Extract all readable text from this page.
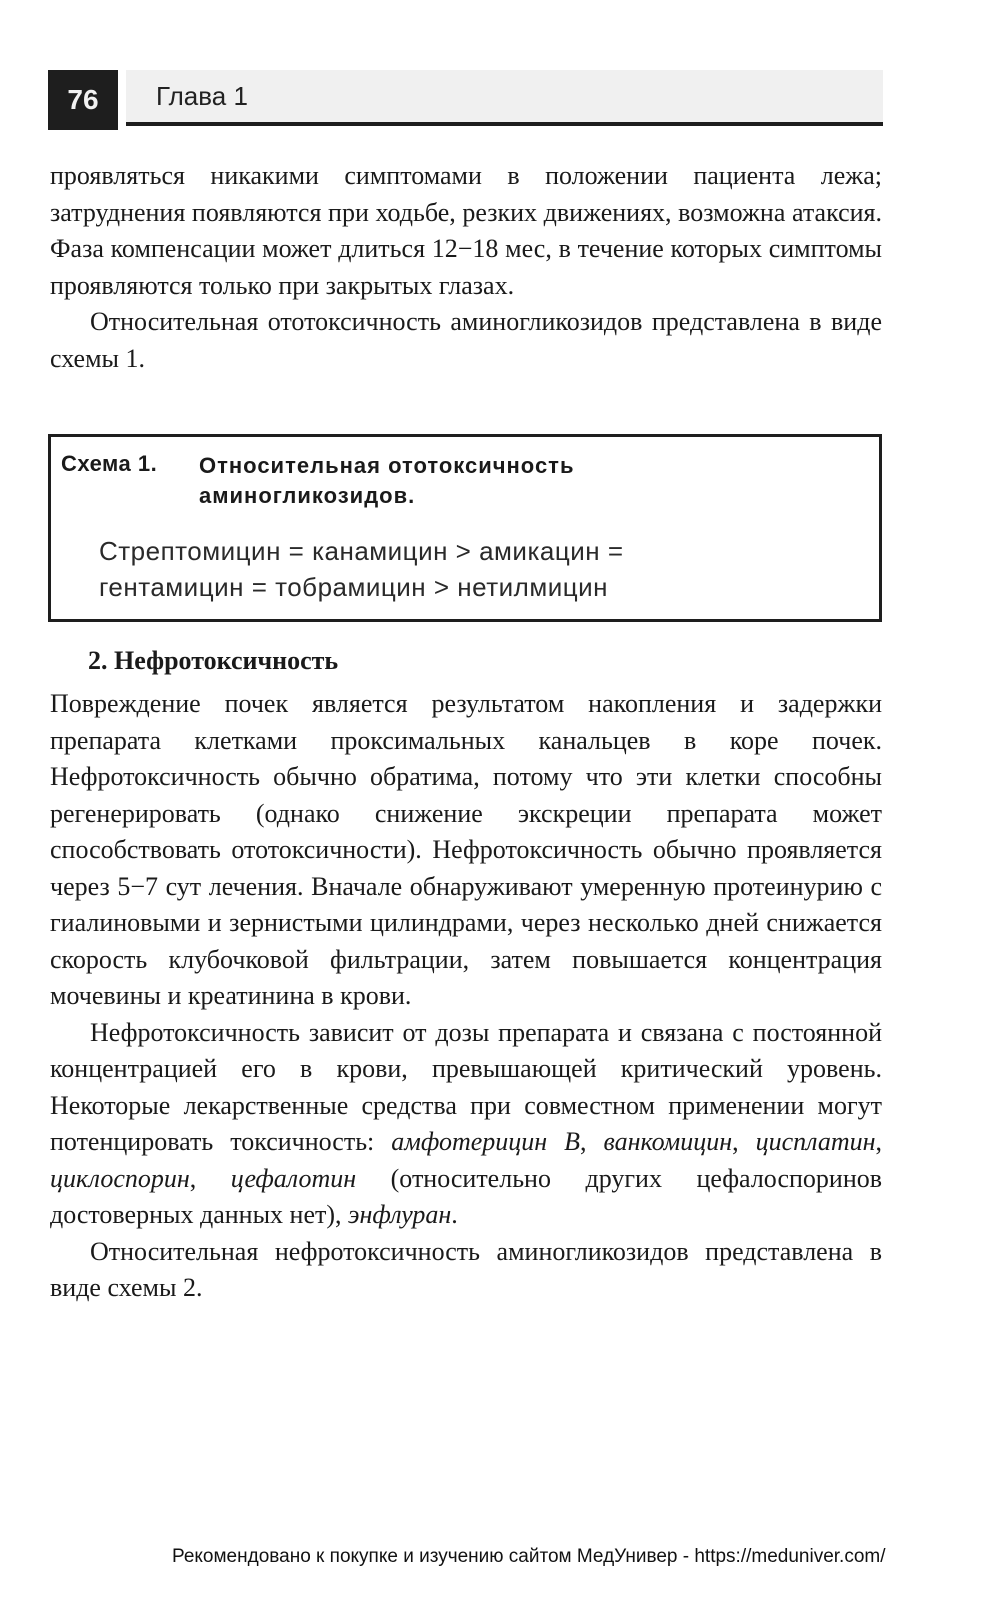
76	Глава 1

проявляться никакими симптомами в положении пациента лежа; затруднения появляются при ходьбе, резких движениях, возможна атаксия. Фаза компенсации может длиться 12−18 мес, в течение которых симптомы проявляются только при закрытых глазах.

Относительная ототоксичность аминогликозидов представлена в виде схемы 1.

Схема 1. Относительная ототоксичность аминогликозидов.
Стрептомицин = канамицин > амикацин =
гентамицин = тобрамицин > нетилмицин
2. Нефротоксичность

Повреждение почек является результатом накопления и задержки препарата клетками проксимальных канальцев в коре почек. Нефротоксичность обычно обратима, потому что эти клетки способны регенерировать (однако снижение экскреции препарата может способствовать ототоксичности). Нефротоксичность обычно проявляется через 5−7 сут лечения. Вначале обнаруживают умеренную протеинурию с гиалиновыми и зернистыми цилиндрами, через несколько дней снижается скорость клубочковой фильтрации, затем повышается концентрация мочевины и креатинина в крови.

Нефротоксичность зависит от дозы препарата и связана с постоянной концентрацией его в крови, превышающей критический уровень. Некоторые лекарственные средства при совместном применении могут потенцировать токсичность: амфотерицин В, ванкомицин, цисплатин, циклоспорин, цефалотин (относительно других цефалоспоринов достоверных данных нет), энфлуран.

Относительная нефротоксичность аминогликозидов представлена в виде схемы 2.

Рекомендовано к покупке и изучению сайтом МедУнивер - https://meduniver.com/
